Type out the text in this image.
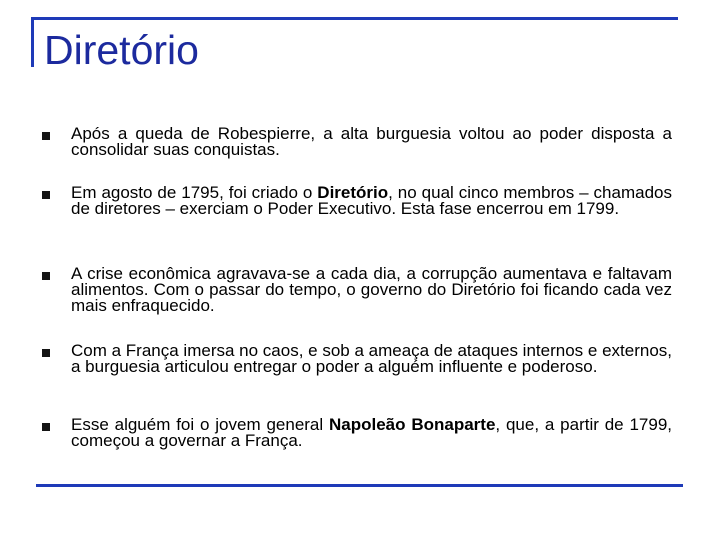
Diretório

Após a queda de Robespierre, a alta burguesia voltou ao poder disposta a consolidar suas conquistas.

Em agosto de 1795, foi criado o Diretório, no qual cinco membros – chamados de diretores – exerciam o Poder Executivo. Esta fase encerrou em 1799.

A crise econômica agravava-se a cada dia, a corrupção aumentava e faltavam alimentos. Com o passar do tempo, o governo do Diretório foi ficando cada vez mais enfraquecido.

Com a França imersa no caos, e sob a ameaça de ataques internos e externos, a burguesia articulou entregar o poder a alguém influente e poderoso.

Esse alguém foi o jovem general Napoleão Bonaparte, que, a partir de 1799, começou a governar a França.
